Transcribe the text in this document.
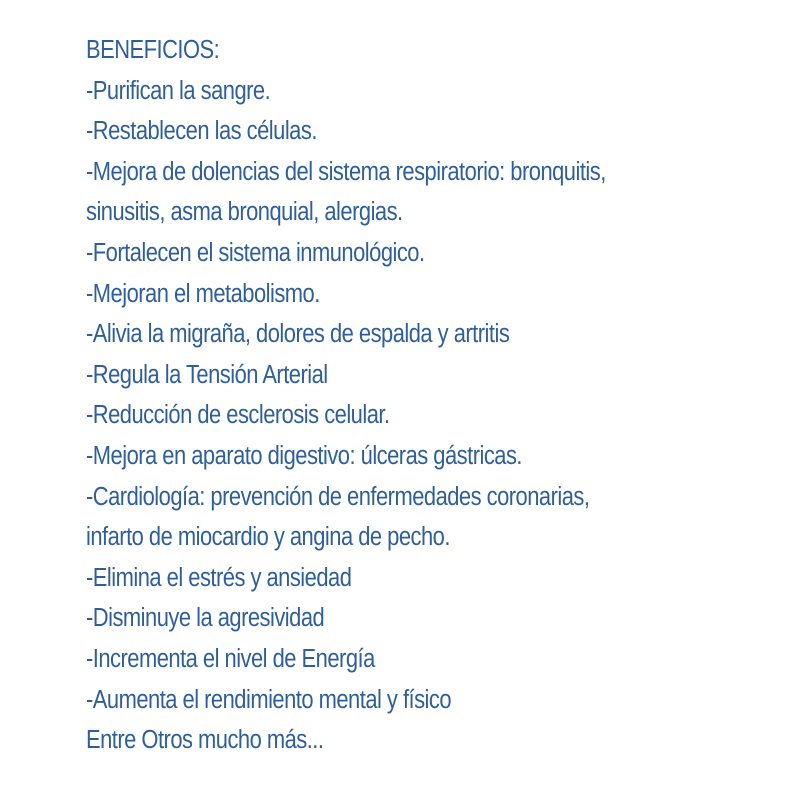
BENEFICIOS:
-Purifican la sangre.
-Restablecen las células.
-Mejora de dolencias del sistema respiratorio: bronquitis,
sinusitis, asma bronquial, alergias.
-Fortalecen el sistema inmunológico.
-Mejoran el metabolismo.
-Alivia la migraña, dolores de espalda y artritis
-Regula la Tensión Arterial
-Reducción de esclerosis celular.
-Mejora en aparato digestivo: úlceras gástricas.
-Cardiología: prevención de enfermedades coronarias,
infarto de miocardio y angina de pecho.
-Elimina el estrés y ansiedad
-Disminuye la agresividad
-Incrementa el nivel de Energía
-Aumenta el rendimiento mental y físico
Entre Otros mucho más...
